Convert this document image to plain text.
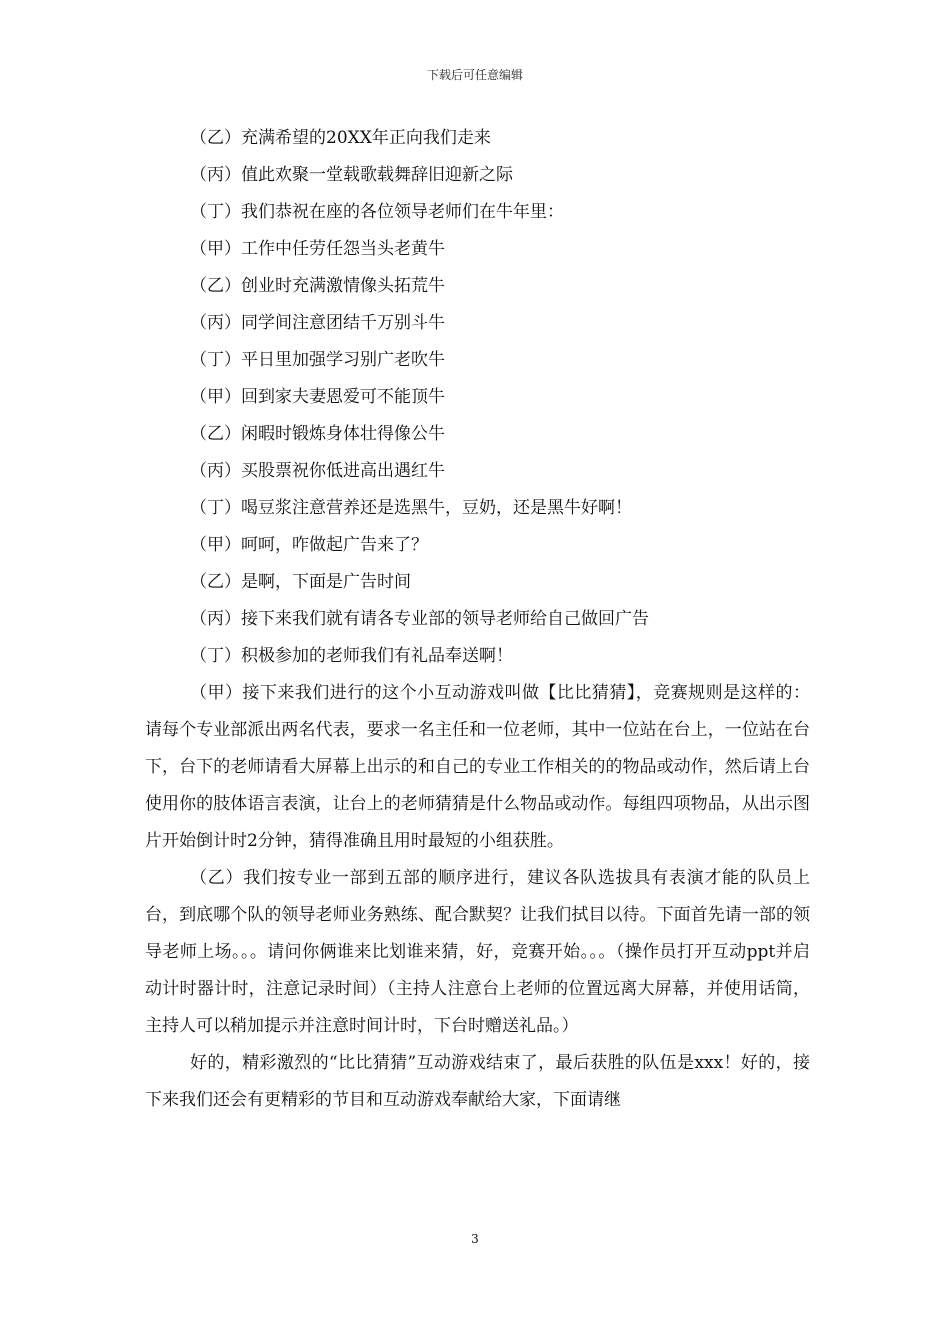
下载后可任意编辑
（乙）充满希望的20XX年正向我们走来
（丙）值此欢聚一堂载歌载舞辞旧迎新之际
（丁）我们恭祝在座的各位领导老师们在牛年里：
（甲）工作中任劳任怨当头老黄牛
（乙）创业时充满激情像头拓荒牛
（丙）同学间注意团结千万别斗牛
（丁）平日里加强学习别广老吹牛
（甲）回到家夫妻恩爱可不能顶牛
（乙）闲暇时锻炼身体壮得像公牛
（丙）买股票祝你低进高出遇红牛
（丁）喝豆浆注意营养还是选黑牛，豆奶，还是黑牛好啊！
（甲）呵呵，咋做起广告来了？
（乙）是啊，下面是广告时间
（丙）接下来我们就有请各专业部的领导老师给自己做回广告
（丁）积极参加的老师我们有礼品奉送啊！

（甲）接下来我们进行的这个小互动游戏叫做【比比猜猜】，竞赛规则是这样的：请每个专业部派出两名代表，要求一名主任和一位老师，其中一位站在台上，一位站在台下，台下的老师请看大屏幕上出示的和自己的专业工作相关的的物品或动作，然后请上台使用你的肢体语言表演，让台上的老师猜猜是什么物品或动作。每组四项物品，从出示图片开始倒计时2分钟，猜得准确且用时最短的小组获胜。

（乙）我们按专业一部到五部的顺序进行，建议各队选拔具有表演才能的队员上台，到底哪个队的领导老师业务熟练、配合默契？让我们拭目以待。下面首先请一部的领导老师上场。。。请问你俩谁来比划谁来猜，好，竞赛开始。。。（操作员打开互动ppt并启动计时器计时，注意记录时间）（主持人注意台上老师的位置远离大屏幕，并使用话筒，主持人可以稍加提示并注意时间计时，下台时赠送礼品。）

好的，精彩激烈的“比比猜猜”互动游戏结束了，最后获胜的队伍是xxx！好的，接下来我们还会有更精彩的节目和互动游戏奉献给大家，下面请继

3
